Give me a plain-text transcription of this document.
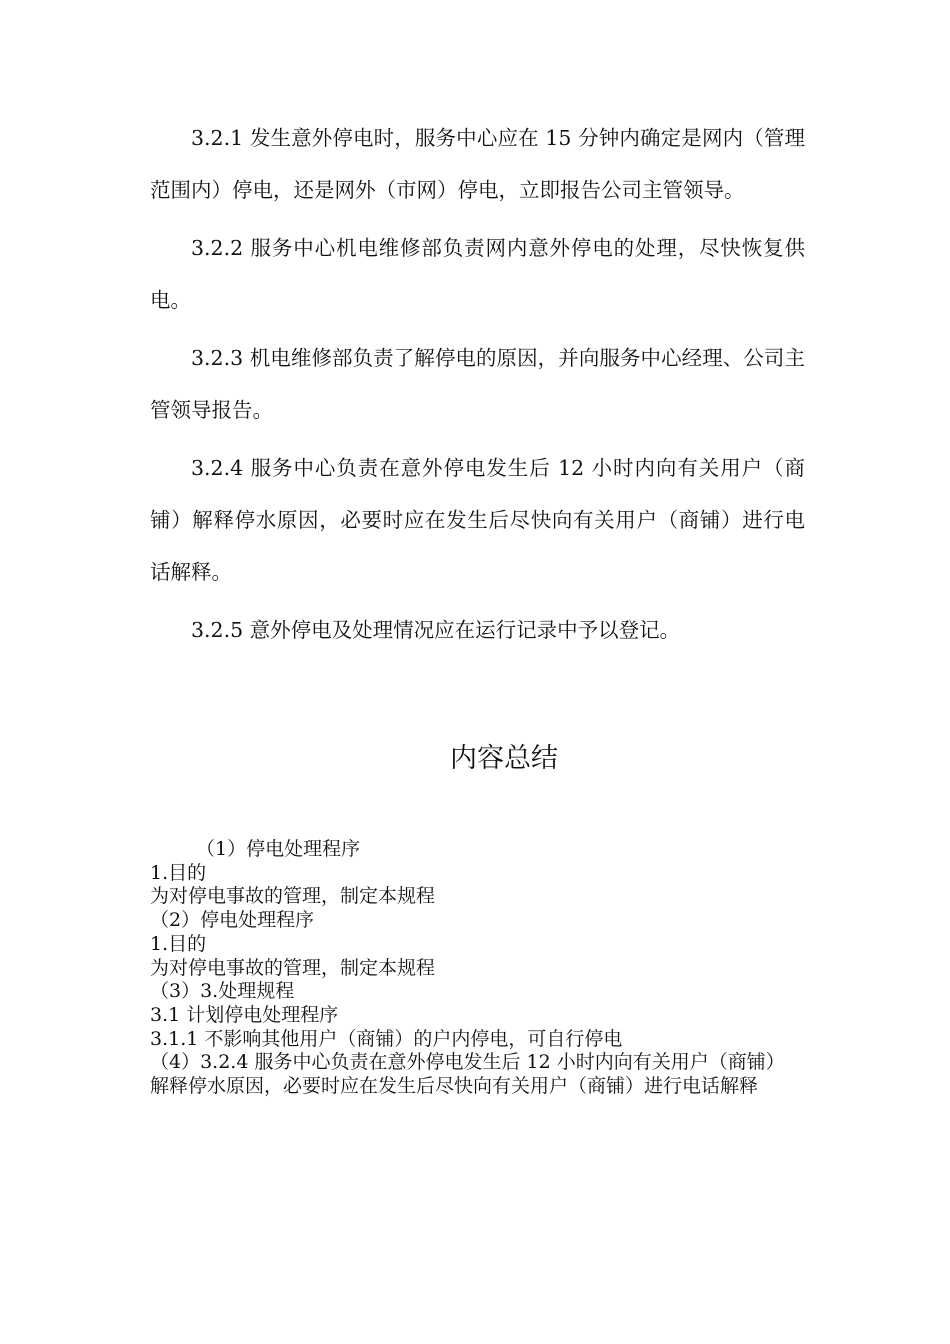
3.2.1 发生意外停电时，服务中心应在 15 分钟内确定是网内（管理范围内）停电，还是网外（市网）停电，立即报告公司主管领导。

3.2.2 服务中心机电维修部负责网内意外停电的处理，尽快恢复供电。

3.2.3 机电维修部负责了解停电的原因，并向服务中心经理、公司主管领导报告。

3.2.4 服务中心负责在意外停电发生后 12 小时内向有关用户（商铺）解释停水原因，必要时应在发生后尽快向有关用户（商铺）进行电话解释。

3.2.5 意外停电及处理情况应在运行记录中予以登记。

内容总结
（1）停电处理程序
1.目的
为对停电事故的管理，制定本规程
（2）停电处理程序
1.目的
为对停电事故的管理，制定本规程
（3）3.处理规程
3.1 计划停电处理程序
3.1.1 不影响其他用户（商铺）的户内停电，可自行停电
（4）3.2.4 服务中心负责在意外停电发生后 12 小时内向有关用户（商铺）解释停水原因，必要时应在发生后尽快向有关用户（商铺）进行电话解释
